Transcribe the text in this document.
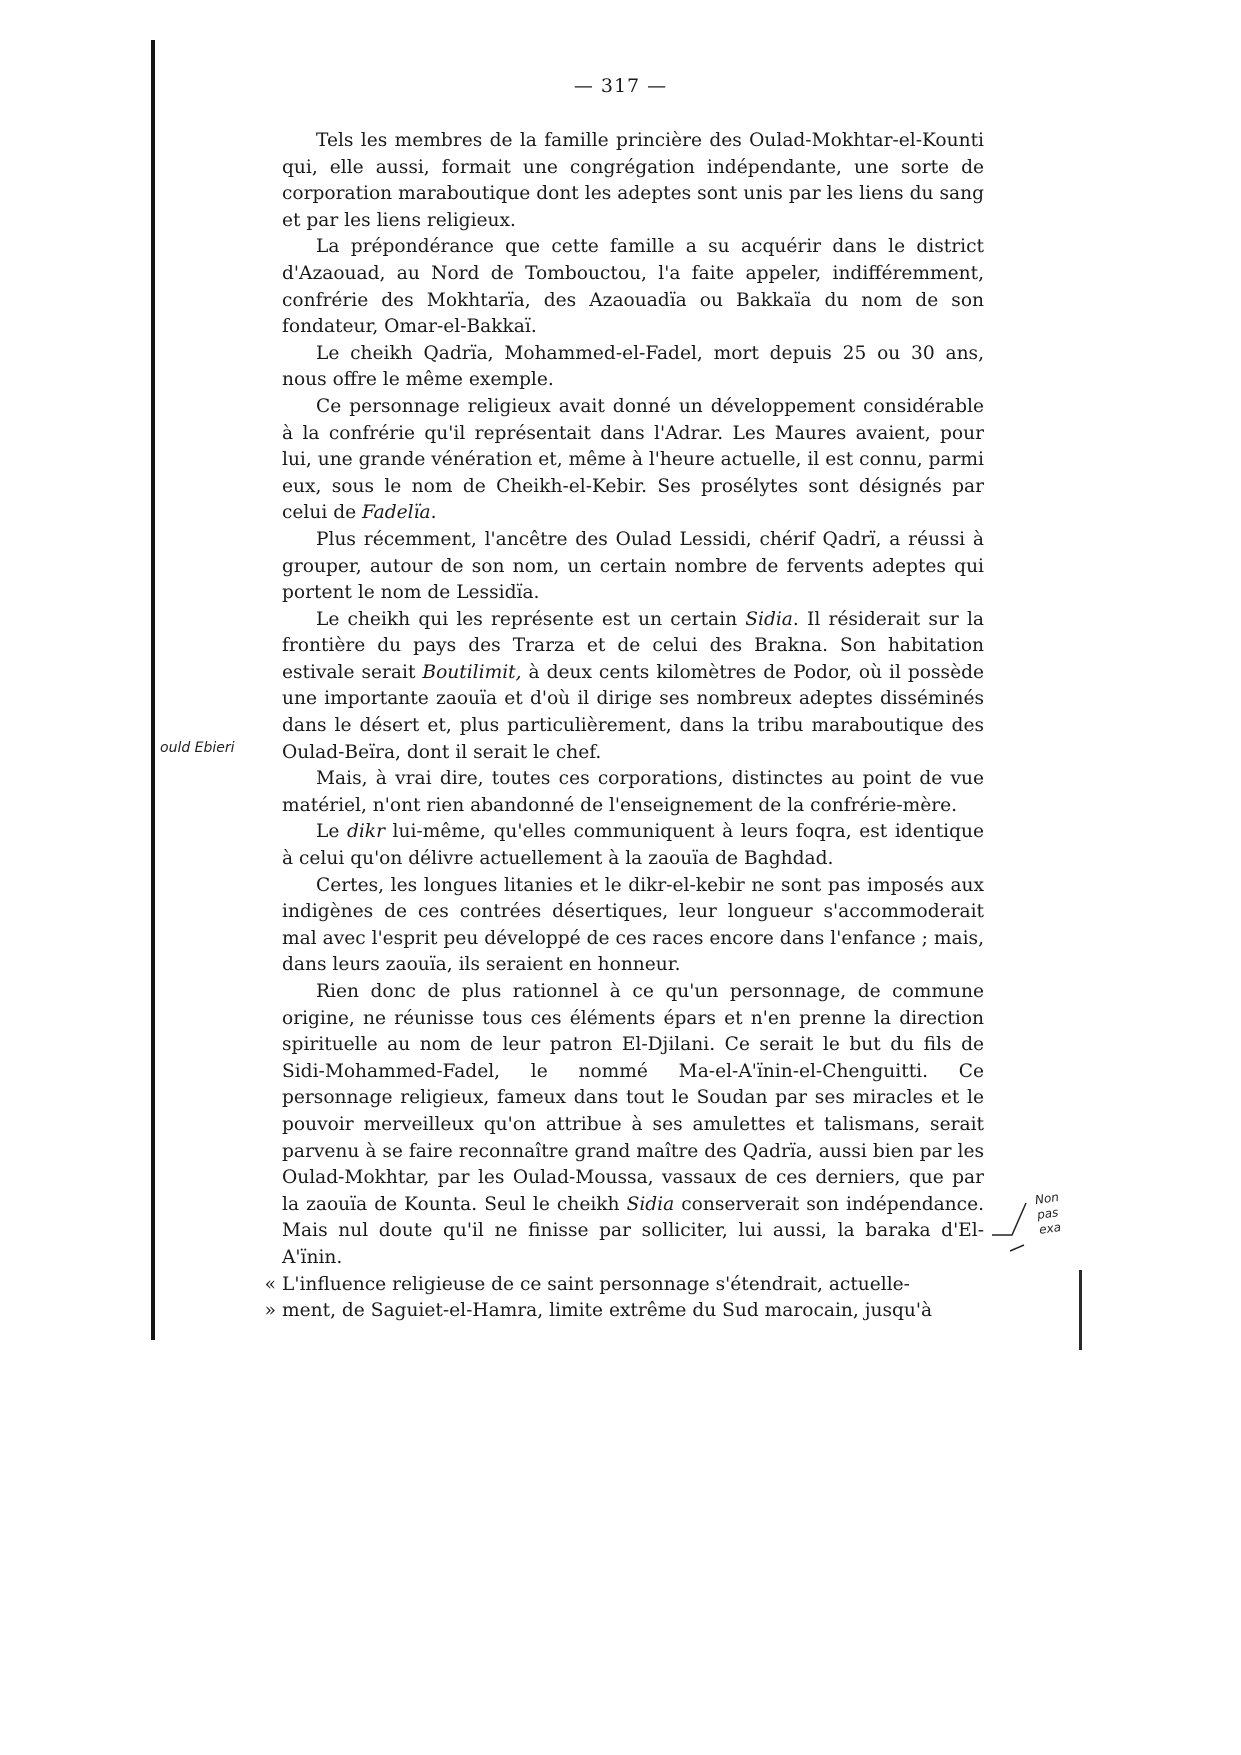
— 317 —

Tels les membres de la famille princière des Oulad-Mokhtar-el-Kounti qui, elle aussi, formait une congrégation indépendante, une sorte de corporation maraboutique dont les adeptes sont unis par les liens du sang et par les liens religieux.

La prépondérance que cette famille a su acquérir dans le district d'Azaouad, au Nord de Tombouctou, l'a faite appeler, indifféremment, confrérie des Mokhtarïa, des Azaouadïa ou Bakkaïa du nom de son fondateur, Omar-el-Bakkaï.

Le cheikh Qadrïa, Mohammed-el-Fadel, mort depuis 25 ou 30 ans, nous offre le même exemple.

Ce personnage religieux avait donné un développement considérable à la confrérie qu'il représentait dans l'Adrar. Les Maures avaient, pour lui, une grande vénération et, même à l'heure actuelle, il est connu, parmi eux, sous le nom de Cheikh-el-Kebir. Ses prosélytes sont désignés par celui de Fadelïa.

Plus récemment, l'ancêtre des Oulad Lessidi, chérif Qadrï, a réussi à grouper, autour de son nom, un certain nombre de fervents adeptes qui portent le nom de Lessidïa.

Le cheikh qui les représente est un certain Sidia. Il résiderait sur la frontière du pays des Trarza et de celui des Brakna. Son habitation estivale serait Boutilimit, à deux cents kilomètres de Podor, où il possède une importante zaouïa et d'où il dirige ses nombreux adeptes disséminés dans le désert et, plus particulièrement, dans la tribu maraboutique des Oulad-Beïra, dont il serait le chef.

Mais, à vrai dire, toutes ces corporations, distinctes au point de vue matériel, n'ont rien abandonné de l'enseignement de la confrérie-mère.

Le dikr lui-même, qu'elles communiquent à leurs foqra, est identique à celui qu'on délivre actuellement à la zaouïa de Baghdad.

Certes, les longues litanies et le dikr-el-kebir ne sont pas imposés aux indigènes de ces contrées désertiques, leur longueur s'accommoderait mal avec l'esprit peu développé de ces races encore dans l'enfance ; mais, dans leurs zaouïa, ils seraient en honneur.

Rien donc de plus rationnel à ce qu'un personnage, de commune origine, ne réunisse tous ces éléments épars et n'en prenne la direction spirituelle au nom de leur patron El-Djilani. Ce serait le but du fils de Sidi-Mohammed-Fadel, le nommé Ma-el-A'ïnin-el-Chenguitti. Ce personnage religieux, fameux dans tout le Soudan par ses miracles et le pouvoir merveilleux qu'on attribue à ses amulettes et talismans, serait parvenu à se faire reconnaître grand maître des Qadrïa, aussi bien par les Oulad-Mokhtar, par les Oulad-Moussa, vassaux de ces derniers, que par la zaouïa de Kounta. Seul le cheikh Sidia conserverait son indépendance. Mais nul doute qu'il ne finisse par solliciter, lui aussi, la baraka d'El-A'ïnin.

« L'influence religieuse de ce saint personnage s'étendrait, actuelle-

» ment, de Saguiet-el-Hamra, limite extrême du Sud marocain, jusqu'à

ould Ebieri
Non
pas
exa
